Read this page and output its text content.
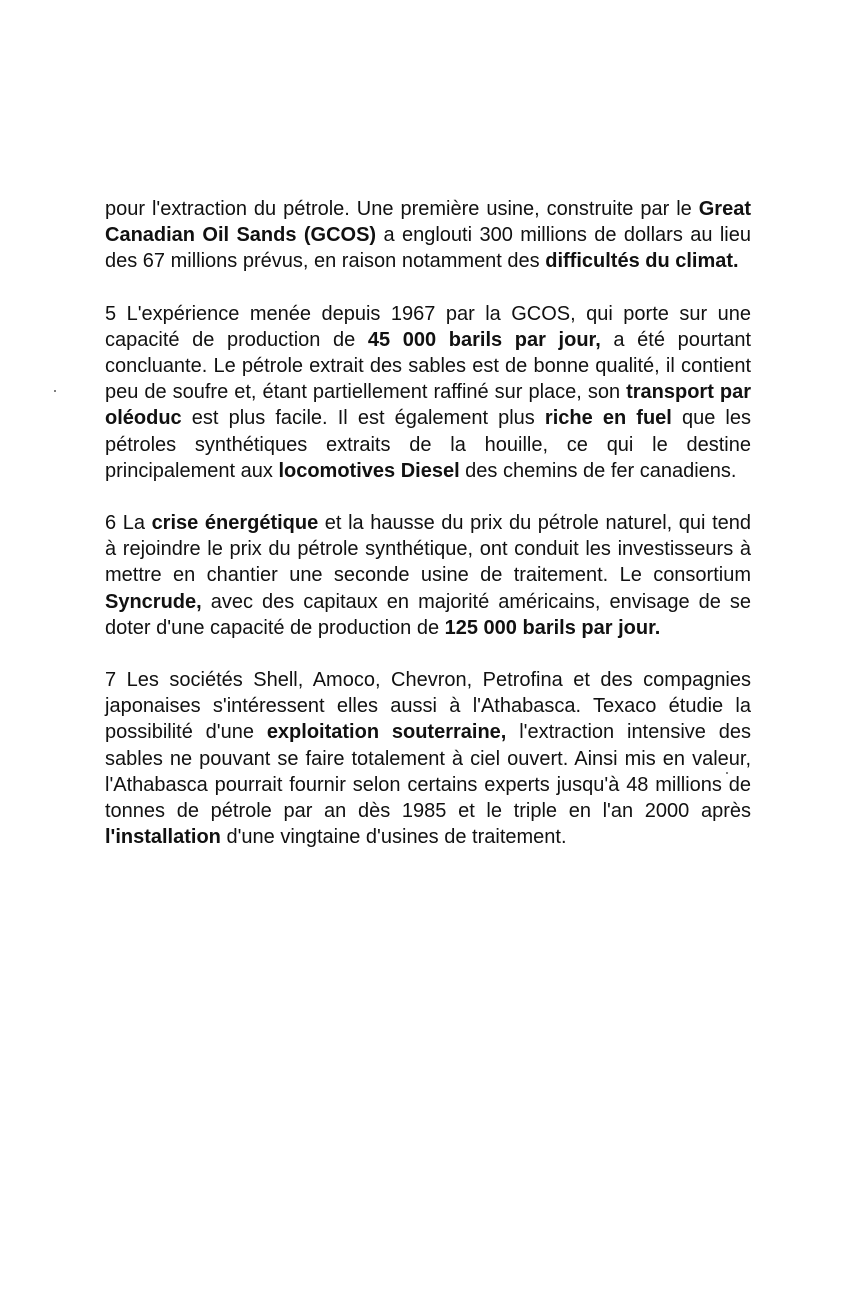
pour l'extraction du pétrole. Une première usine, construite par le Great Canadian Oil Sands (GCOS) a englouti 300 millions de dollars au lieu des 67 millions prévus, en raison notamment des difficultés du climat.

5 L'expérience menée depuis 1967 par la GCOS, qui porte sur une capacité de production de 45 000 barils par jour, a été pourtant concluante. Le pétrole extrait des sables est de bonne qualité, il contient peu de soufre et, étant partiellement raffiné sur place, son transport par oléoduc est plus facile. Il est également plus riche en fuel que les pétroles synthétiques extraits de la houille, ce qui le destine principalement aux locomotives Diesel des chemins de fer canadiens.

6 La crise énergétique et la hausse du prix du pétrole naturel, qui tend à rejoindre le prix du pétrole synthétique, ont conduit les investisseurs à mettre en chantier une seconde usine de traitement. Le consortium Syncrude, avec des capitaux en majorité américains, envisage de se doter d'une capacité de production de 125 000 barils par jour.

7 Les sociétés Shell, Amoco, Chevron, Petrofina et des compagnies japonaises s'intéressent elles aussi à l'Athabasca. Texaco étudie la possibilité d'une exploitation souterraine, l'extraction intensive des sables ne pouvant se faire totalement à ciel ouvert. Ainsi mis en valeur, l'Athabasca pourrait fournir selon certains experts jusqu'à 48 millions de tonnes de pétrole par an dès 1985 et le triple en l'an 2000 après l'installation d'une vingtaine d'usines de traitement.
